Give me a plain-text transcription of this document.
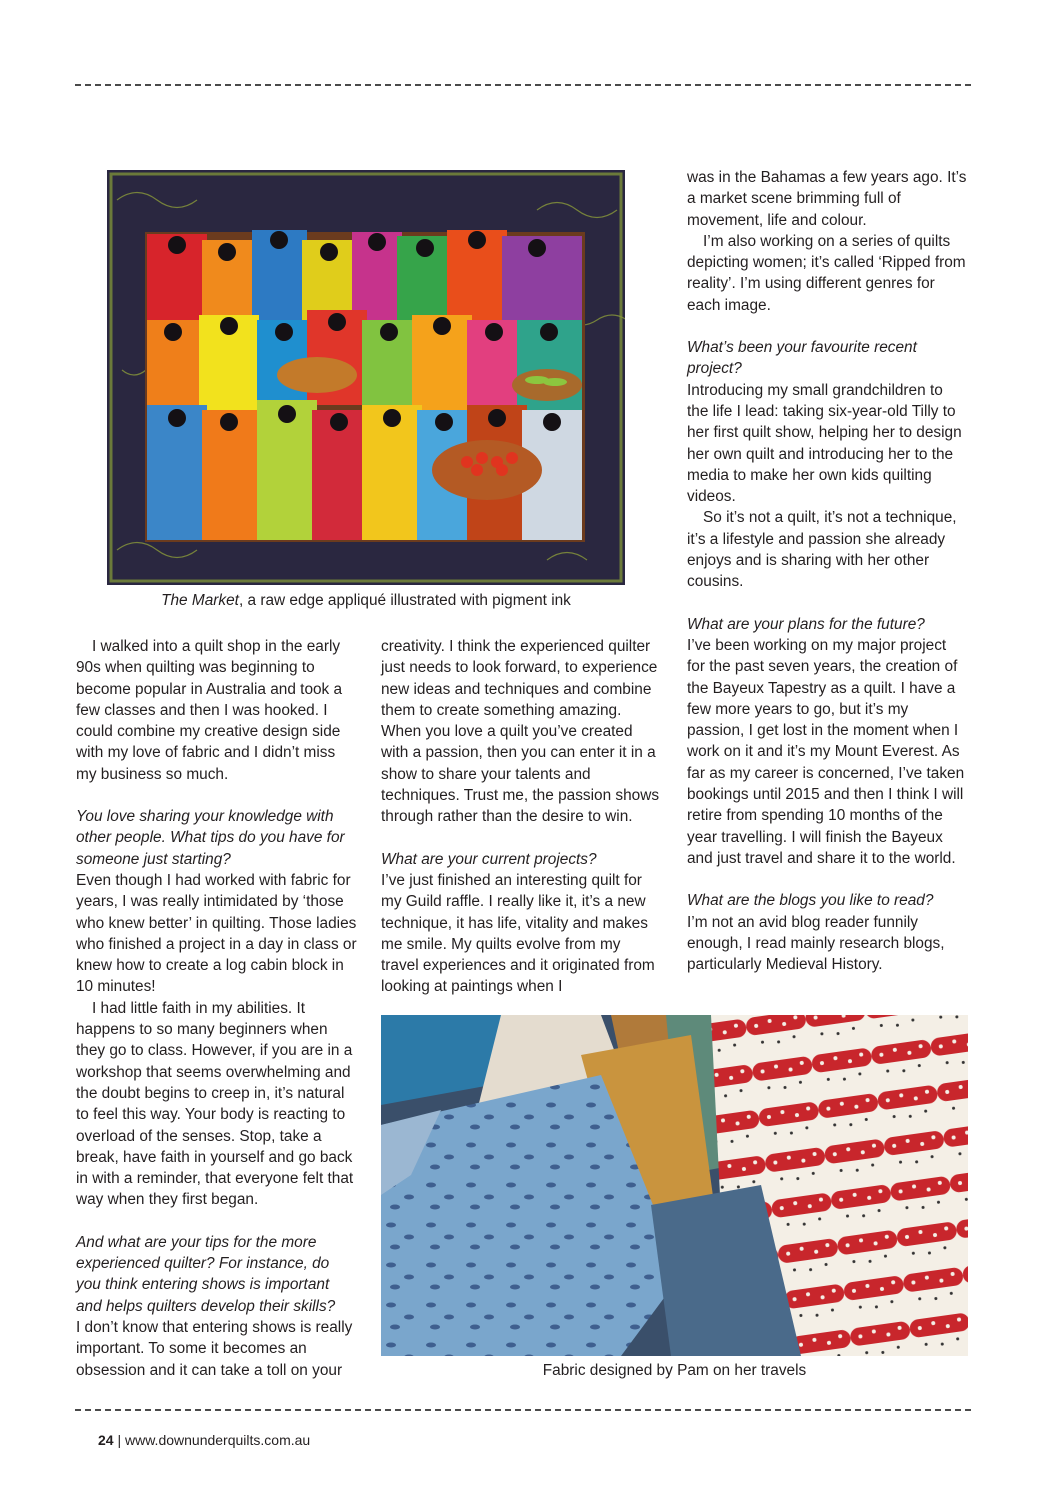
The Market, a raw edge appliqué illustrated with pigment ink

I walked into a quilt shop in the early 90s when quilting was beginning to become popular in Australia and took a few classes and then I was hooked. I could combine my creative design side with my love of fabric and I didn’t miss my business so much.

You love sharing your knowledge with other people. What tips do you have for someone just starting?

Even though I had worked with fabric for years, I was really intimidated by ‘those who knew better’ in quilting. Those ladies who finished a project in a day in class or knew how to create a log cabin block in 10 minutes!

I had little faith in my abilities. It happens to so many beginners when they go to class. However, if you are in a workshop that seems overwhelming and the doubt begins to creep in, it’s natural to feel this way. Your body is reacting to overload of the senses. Stop, take a break, have faith in yourself and go back in with a reminder, that everyone felt that way when they first began.

And what are your tips for the more experienced quilter? For instance, do you think entering shows is important and helps quilters develop their skills?

I don’t know that entering shows is really important. To some it becomes an obsession and it can take a toll on your

creativity. I think the experienced quilter just needs to look forward, to experience new ideas and techniques and combine them to create something amazing. When you love a quilt you’ve created with a passion, then you can enter it in a show to share your talents and techniques. Trust me, the passion shows through rather than the desire to win.

What are your current projects?

I’ve just finished an interesting quilt for my Guild raffle. I really like it, it’s a new technique, it has life, vitality and makes me smile. My quilts evolve from my travel experiences and it originated from looking at paintings when I

was in the Bahamas a few years ago. It’s a market scene brimming full of movement, life and colour.

I’m also working on a series of quilts depicting women; it’s called ‘Ripped from reality’. I’m using different genres for each image.

What’s been your favourite recent project?

Introducing my small grandchildren to the life I lead: taking six-year-old Tilly to her first quilt show, helping her to design her own quilt and introducing her to the media to make her own kids quilting videos.

So it’s not a quilt, it’s not a technique, it’s a lifestyle and passion she already enjoys and is sharing with her other cousins.

What are your plans for the future?

I’ve been working on my major project for the past seven years, the creation of the Bayeux Tapestry as a quilt. I have a few more years to go, but it’s my passion, I get lost in the moment when I work on it and it’s my Mount Everest. As far as my career is concerned, I’ve taken bookings until 2015 and then I think I will retire from spending 10 months of the year travelling. I will finish the Bayeux and just travel and share it to the world.

What are the blogs you like to read?

I’m not an avid blog reader funnily enough, I read mainly research blogs, particularly Medieval History.

Fabric designed by Pam on her travels
24 | www.downunderquilts.com.au
